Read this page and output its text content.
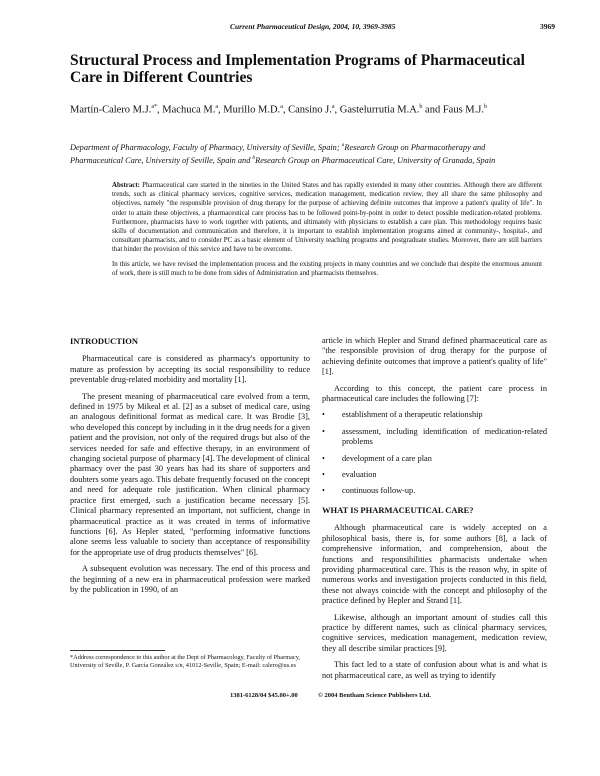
Current Pharmaceutical Design, 2004, 10, 3969-3985	3969
Structural Process and Implementation Programs of Pharmaceutical Care in Different Countries
Martín-Calero M.J.$^{a*}$, Machuca M.$^a$, Murillo M.D.$^a$, Cansino J.$^a$, Gastelurrutia M.A.$^b$ and Faus M.J.$^b$
Department of Pharmacology, Faculty of Pharmacy, University of Seville, Spain; $^a$Research Group on Pharmacotherapy and Pharmaceutical Care, University of Seville, Spain and $^b$Research Group on Pharmaceutical Care, University of Granada, Spain

Abstract: Pharmaceutical care started in the nineties in the United States and has rapidly extended in many other countries. Although there are different trends, such as clinical pharmacy services, cognitive services, medication management, medication review, they all share the same philosophy and objectives, namely "the responsible provision of drug therapy for the purpose of achieving definite outcomes that improve a patient's quality of life". In order to attain these objectives, a pharmaceutical care process has to be followed point-by-point in order to detect possible medication-related problems. Furthermore, pharmacists have to work together with patients, and ultimately with physicians to establish a care plan. This methodology requires basic skills of documentation and communication and therefore, it is important to establish implementation programs aimed at community-, hospital-, and consultant pharmacists, and to consider PC as a basic element of University teaching programs and postgraduate studies. Moreover, there are still barriers that hinder the provision of this service and have to be overcome.

In this article, we have revised the implementation process and the existing projects in many countries and we conclude that despite the enormous amount of work, there is still much to be done from sides of Administration and pharmacists themselves.

INTRODUCTION

Pharmaceutical care is considered as pharmacy's opportunity to mature as profession by accepting its social responsibility to reduce preventable drug-related morbidity and mortality [1].

The present meaning of pharmaceutical care evolved from a term, defined in 1975 by Mikeal et al. [2] as a subset of medical care, using an analogous definitional format as medical care. It was Brodie [3], who developed this concept by including in it the drug needs for a given patient and the provision, not only of the required drugs but also of the services needed for safe and effective therapy, in an environment of changing societal purpose of pharmacy [4]. The development of clinical pharmacy over the past 30 years has had its share of supporters and doubters some years ago. This debate frequently focused on the concept and need for adequate role justification. When clinical pharmacy practice first emerged, such a justification became necessary [5]. Clinical pharmacy represented an important, not sufficient, change in pharmaceutical practice as it was created in terms of informative functions [6]. As Hepler stated, "performing informative functions alone seems less valuable to society than acceptance of responsibility for the appropriate use of drug products themselves" [6].

A subsequent evolution was necessary. The end of this process and the beginning of a new era in pharmaceutical profession were marked by the publication in 1990, of an

article in which Hepler and Strand defined pharmaceutical care as "the responsible provision of drug therapy for the purpose of achieving definite outcomes that improve a patient's quality of life" [1].

According to this concept, the patient care process in pharmaceutical care includes the following [7]:

• establishment of a therapeutic relationship
• assessment, including identification of medication-related problems
• development of a care plan
• evaluation
• continuous follow-up.
WHAT IS PHARMACEUTICAL CARE?

Although pharmaceutical care is widely accepted on a philosophical basis, there is, for some authors [8], a lack of comprehensive information, and comprehension, about the functions and responsibilities pharmacists undertake when providing pharmaceutical care. This is the reason why, in spite of numerous works and investigation projects conducted in this field, these not always coincide with the concept and philosophy of the practice defined by Hepler and Strand [1].

Likewise, although an important amount of studies call this practice by different names, such as clinical pharmacy services, cognitive services, medication management, medication review, they all describe similar practices [9].

This fact led to a state of confusion about what is and what is not pharmaceutical care, as well as trying to identify

*Address correspondence to this author at the Dept of Pharmacology, Faculty of Pharmacy, University of Seville, P. García González s/n, 41012-Seville, Spain; E-mail: calero@us.es
1381-6128/04 $45.00+.00	© 2004 Bentham Science Publishers Ltd.
